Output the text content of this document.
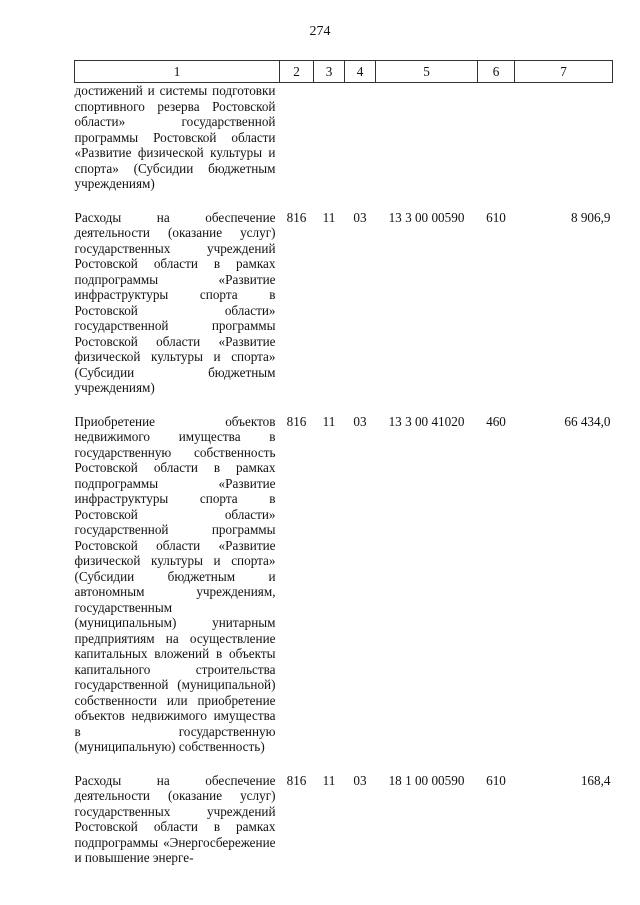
274
1	2	3	4	5	6	7
достижений и системы подготовки спортивного резерва Ростовской области» государственной программы Ростовской области «Развитие физической культуры и спорта» (Субсидии бюджетным учреждениям)						
Расходы на обеспечение деятельности (оказание услуг) государственных учреждений Ростовской области в рамках подпрограммы «Развитие инфраструктуры спорта в Ростовской области» государственной программы Ростовской области «Развитие физической культуры и спорта» (Субсидии бюджетным учреждениям)	816	11	03	13 3 00 00590	610	8 906,9
Приобретение объектов недвижимого имущества в государственную собственность Ростовской области в рамках подпрограммы «Развитие инфраструктуры спорта в Ростовской области» государственной программы Ростовской области «Развитие физической культуры и спорта» (Субсидии бюджетным и автономным учреждениям, государственным (муниципальным) унитарным предприятиям на осуществление капитальных вложений в объекты капитального строительства государственной (муниципальной) собственности или приобретение объектов недвижимого имущества в государственную (муниципальную) собственность)	816	11	03	13 3 00 41020	460	66 434,0
Расходы на обеспечение деятельности (оказание услуг) государственных учреждений Ростовской области в рамках подпрограммы «Энергосбережение и повышение энерге-	816	11	03	18 1 00 00590	610	168,4
